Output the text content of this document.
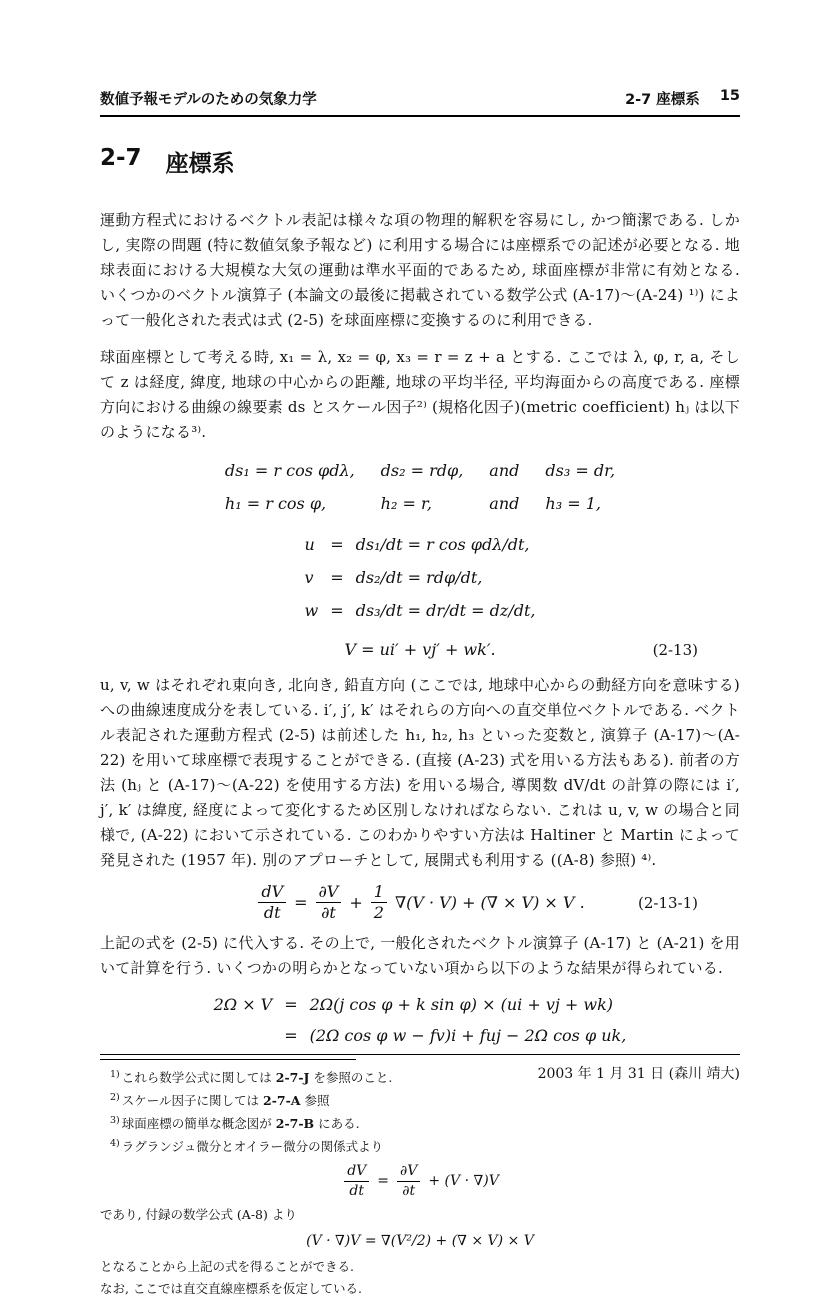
数値予報モデルのための気象力学	2-7 座標系 15
2-7 座標系

運動方程式におけるベクトル表記は様々な項の物理的解釈を容易にし, かつ簡潔である. しかし, 実際の問題 (特に数値気象予報など) に利用する場合には座標系での記述が必要となる. 地球表面における大規模な大気の運動は準水平面的であるため, 球面座標が非常に有効となる. いくつかのベクトル演算子 (本論文の最後に掲載されている数学公式 (A-17)〜(A-24) ¹⁾) によって一般化された表式は式 (2-5) を球面座標に変換するのに利用できる.

球面座標として考える時, x₁ = λ, x₂ = φ, x₃ = r = z + a とする. ここでは λ, φ, r, a, そして z は経度, 緯度, 地球の中心からの距離, 地球の平均半径, 平均海面からの高度である. 座標方向における曲線の線要素 ds とスケール因子²⁾ (規格化因子)(metric coefficient) hⱼ は以下のようになる³⁾.

ds₁ = r cos φdλ, ds₂ = rdφ, and ds₃ = dr,
h₁ = r cos φ,	h₂ = r,	and h₃ = 1,
u = ds₁/dt = r cos φdλ/dt,
v = ds₂/dt = rdφ/dt,
w = ds₃/dt = dr/dt = dz/dt,
V = ui′ + vj′ + wk′.	(2-13)

u, v, w はそれぞれ東向き, 北向き, 鉛直方向 (ここでは, 地球中心からの動経方向を意味する) への曲線速度成分を表している. i′, j′, k′ はそれらの方向への直交単位ベクトルである. ベクトル表記された運動方程式 (2-5) は前述した h₁, h₂, h₃ といった変数と, 演算子 (A-17)〜(A-22) を用いて球座標で表現することができる. (直接 (A-23) 式を用いる方法もある). 前者の方法 (hⱼ と (A-17)〜(A-22) を使用する方法) を用いる場合, 導関数 dV/dt の計算の際には i′, j′, k′ は緯度, 経度によって変化するため区別しなければならない. これは u, v, w の場合と同様で, (A-22) において示されている. このわかりやすい方法は Haltiner と Martin によって発見された (1957 年). 別のアプローチとして, 展開式も利用する ((A-8) 参照) ⁴⁾.

$\frac{dV}{dt} = \frac{\partial V}{\partial t} + \frac{1}{2} \nabla(V \cdot V)$ + (∇ × V) × V .	(2-13-1)

上記の式を (2-5) に代入する. その上で, 一般化されたベクトル演算子 (A-17) と (A-21) を用いて計算を行う. いくつかの明らかとなっていない項から以下のような結果が得られている.

2Ω × V = 2Ω(j cos φ + k sin φ) × (ui + vj + wk)
= (2Ω cos φ w − fv)i + fuj − 2Ω cos φ uk,
$^{1)}$ これら数学公式に関しては 2-7-J を参照のこと.
$^{2)}$ スケール因子に関しては 2-7-A 参照
$^{3)}$ 球面座標の簡単な概念図が 2-7-B にある.
$^{4)}$ ラグランジュ微分とオイラー微分の関係式より
$\frac{dV}{dt} = \frac{\partial V}{\partial t} + (V \cdot \nabla)V$
であり, 付録の数学公式 (A-8) より
(V · ∇)V = ∇(V²/2) + (∇ × V) × V
となることから上記の式を得ることができる.
なお, ここでは直交直線座標系を仮定している.
2003 年 1 月 31 日 (森川 靖大)
